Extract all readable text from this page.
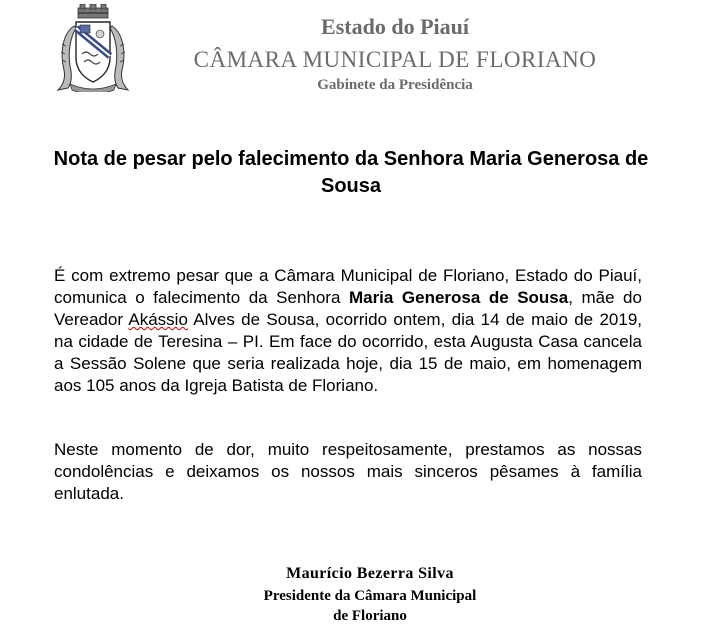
Estado do Piauí
CÂMARA MUNICIPAL DE FLORIANO
Gabinete da Presidência
Nota de pesar pelo falecimento da Senhora Maria Generosa de Sousa
É com extremo pesar que a Câmara Municipal de Floriano, Estado do Piauí, comunica o falecimento da Senhora Maria Generosa de Sousa, mãe do Vereador Akássio Alves de Sousa, ocorrido ontem, dia 14 de maio de 2019, na cidade de Teresina – PI. Em face do ocorrido, esta Augusta Casa cancela a Sessão Solene que seria realizada hoje, dia 15 de maio, em homenagem aos 105 anos da Igreja Batista de Floriano.
Neste momento de dor, muito respeitosamente, prestamos as nossas condolências e deixamos os nossos mais sinceros pêsames à família enlutada.
Maurício Bezerra Silva
Presidente da Câmara Municipal
de Floriano
